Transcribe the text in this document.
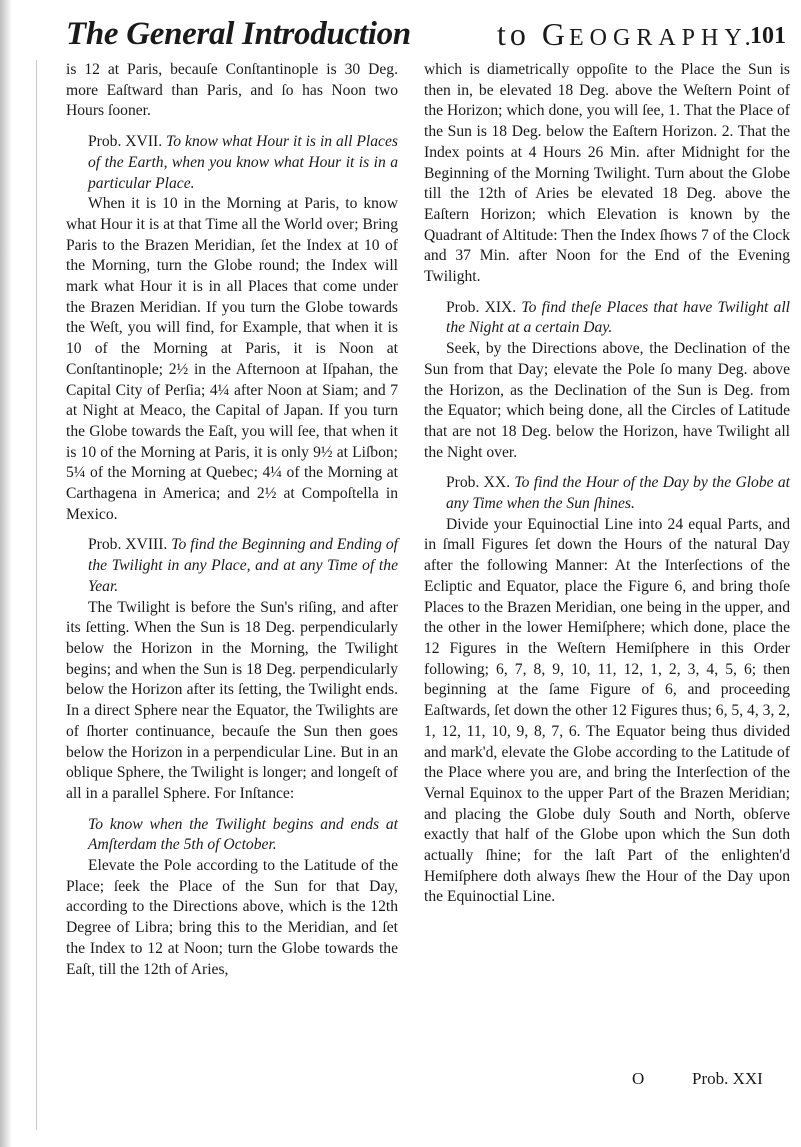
The General Introduction	to GEOGRAPHY.
101

is 12 at Paris, becauſe Conſtantinople is 30 Deg. more Eaſtward than Paris, and ſo has Noon two Hours ſooner.

Prob. XVII. To know what Hour it is in all Places of the Earth, when you know what Hour it is in a particular Place.

When it is 10 in the Morning at Paris, to know what Hour it is at that Time all the World over; Bring Paris to the Brazen Meridian, ſet the Index at 10 of the Morning, turn the Globe round; the Index will mark what Hour it is in all Places that come under the Brazen Meridian. If you turn the Globe towards the Weſt, you will find, for Example, that when it is 10 of the Morning at Paris, it is Noon at Conſtantinople; 2½ in the Afternoon at Iſpahan, the Capital City of Perſia; 4¼ after Noon at Siam; and 7 at Night at Meaco, the Capital of Japan. If you turn the Globe towards the Eaſt, you will ſee, that when it is 10 of the Morning at Paris, it is only 9½ at Liſbon; 5¼ of the Morning at Quebec; 4¼ of the Morning at Carthagena in America; and 2½ at Compoſtella in Mexico.

Prob. XVIII. To find the Beginning and Ending of the Twilight in any Place, and at any Time of the Year.

The Twilight is before the Sun's riſing, and after its ſetting. When the Sun is 18 Deg. perpendicularly below the Horizon in the Morning, the Twilight begins; and when the Sun is 18 Deg. perpendicularly below the Horizon after its ſetting, the Twilight ends. In a direct Sphere near the Equator, the Twilights are of ſhorter continuance, becauſe the Sun then goes below the Horizon in a perpendicular Line. But in an oblique Sphere, the Twilight is longer; and longeſt of all in a parallel Sphere. For Inſtance:

To know when the Twilight begins and ends at Amſterdam the 5th of October.

Elevate the Pole according to the Latitude of the Place; ſeek the Place of the Sun for that Day, according to the Directions above, which is the 12th Degree of Libra; bring this to the Meridian, and ſet the Index to 12 at Noon; turn the Globe towards the Eaſt, till the 12th of Aries,

which is diametrically oppoſite to the Place the Sun is then in, be elevated 18 Deg. above the Weſtern Point of the Horizon; which done, you will ſee, 1. That the Place of the Sun is 18 Deg. below the Eaſtern Horizon. 2. That the Index points at 4 Hours 26 Min. after Midnight for the Beginning of the Morning Twilight. Turn about the Globe till the 12th of Aries be elevated 18 Deg. above the Eaſtern Horizon; which Elevation is known by the Quadrant of Altitude: Then the Index ſhows 7 of the Clock and 37 Min. after Noon for the End of the Evening Twilight.

Prob. XIX. To find theſe Places that have Twilight all the Night at a certain Day.

Seek, by the Directions above, the Declination of the Sun from that Day; elevate the Pole ſo many Deg. above the Horizon, as the Declination of the Sun is Deg. from the Equator; which being done, all the Circles of Latitude that are not 18 Deg. below the Horizon, have Twilight all the Night over.

Prob. XX. To find the Hour of the Day by the Globe at any Time when the Sun ſhines.

Divide your Equinoctial Line into 24 equal Parts, and in ſmall Figures ſet down the Hours of the natural Day after the following Manner: At the Interſections of the Ecliptic and Equator, place the Figure 6, and bring thoſe Places to the Brazen Meridian, one being in the upper, and the other in the lower Hemiſphere; which done, place the 12 Figures in the Weſtern Hemiſphere in this Order following; 6, 7, 8, 9, 10, 11, 12, 1, 2, 3, 4, 5, 6; then beginning at the ſame Figure of 6, and proceeding Eaſtwards, ſet down the other 12 Figures thus; 6, 5, 4, 3, 2, 1, 12, 11, 10, 9, 8, 7, 6. The Equator being thus divided and mark'd, elevate the Globe according to the Latitude of the Place where you are, and bring the Interſection of the Vernal Equinox to the upper Part of the Brazen Meridian; and placing the Globe duly South and North, obſerve exactly that half of the Globe upon which the Sun doth actually ſhine; for the laſt Part of the enlighten'd Hemiſphere doth always ſhew the Hour of the Day upon the Equinoctial Line.

O	Prob. XXI
